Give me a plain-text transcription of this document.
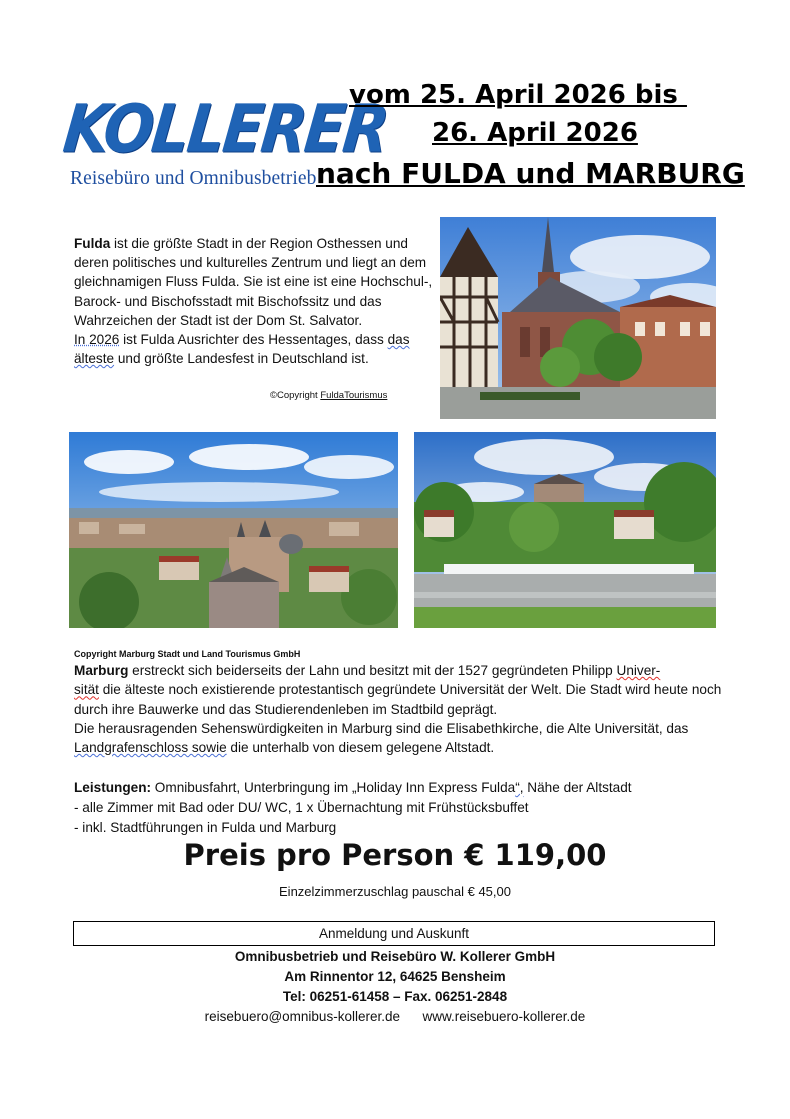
KOLLERER
Reisebüro und Omnibusbetrieb
vom 25. April 2026 bis
26. April 2026
nach FULDA und MARBURG

Fulda ist die größte Stadt in der Region Osthessen und deren politisches und kulturelles Zentrum und liegt an dem gleichnamigen Fluss Fulda. Sie ist eine ist eine Hochschul-, Barock- und Bischofsstadt mit Bischofssitz und das Wahrzeichen der Stadt ist der Dom St. Salvator.

In 2026 ist Fulda Ausrichter des Hessentages, dass das älteste und größte Landesfest in Deutschland ist.

©Copyright FuldaTourismus
Copyright Marburg Stadt und Land Tourismus GmbH

Marburg erstreckt sich beiderseits der Lahn und besitzt mit der 1527 gegründeten Philipp Univer-
sität die älteste noch existierende protestantisch gegründete Universität der Welt. Die Stadt wird heute noch durch ihre Bauwerke und das Studierendenleben im Stadtbild geprägt.

Die herausragenden Sehenswürdigkeiten in Marburg sind die Elisabethkirche, die Alte Universität, das Landgrafenschloss sowie die unterhalb von diesem gelegene Altstadt.

Leistungen: Omnibusfahrt, Unterbringung im „Holiday Inn Express Fulda“, Nähe der Altstadt

- alle Zimmer mit Bad oder DU/ WC, 1 x Übernachtung mit Frühstücksbuffet

- inkl. Stadtführungen in Fulda und Marburg

Preis pro Person € 119,00
Einzelzimmerzuschlag pauschal € 45,00
Anmeldung und Auskunft
Omnibusbetrieb und Reisebüro W. Kollerer GmbH
Am Rinnentor 12, 64625 Bensheim
Tel: 06251-61458 – Fax. 06251-2848
reisebuero@omnibus-kollerer.de      www.reisebuero-kollerer.de
